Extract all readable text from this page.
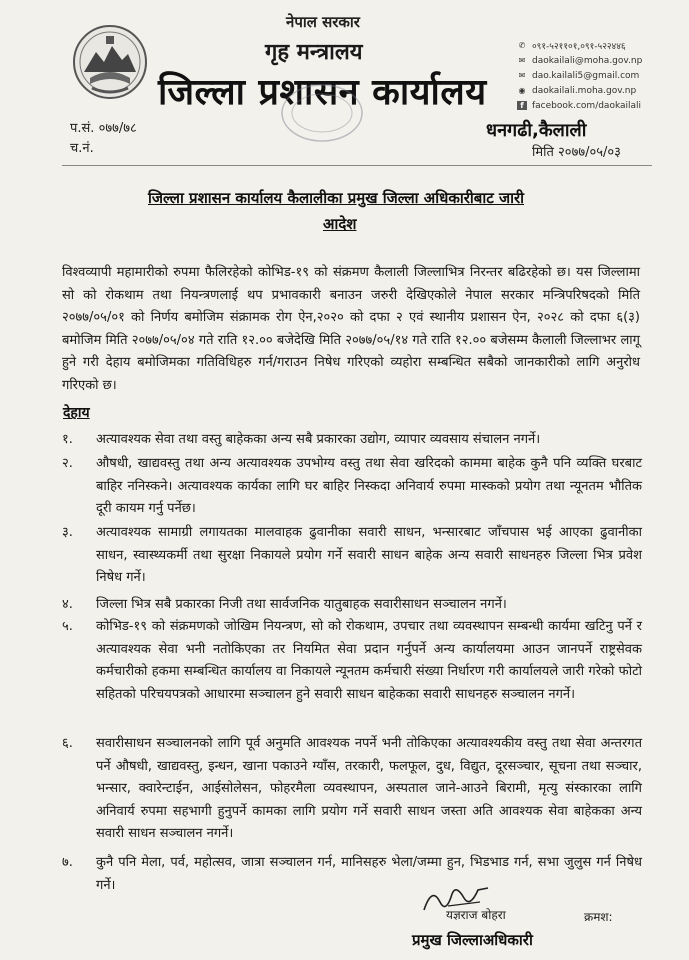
नेपाल सरकार
गृह मन्त्रालय
जिल्ला प्रशासन कार्यालय
✆ ०९१-५२११०१,०९१-५२२४४६
✉ daokailali@moha.gov.np
✉ dao.kailali5@gmail.com
◉ daokailali.moha.gov.np
f facebook.com/daokailali
प.सं. ०७७/७८
च.नं.
धनगढी,कैलाली
मिति २०७७/०५/०३
जिल्ला प्रशासन कार्यालय कैलालीका प्रमुख जिल्ला अधिकारीबाट जारी
आदेश
विश्वव्यापी महामारीको रुपमा फैलिरहेको कोभिड-१९ को संक्रमण कैलाली जिल्लाभित्र निरन्तर बढिरहेको छ। यस जिल्लामा सो को रोकथाम तथा नियन्त्रणलाई थप प्रभावकारी बनाउन जरुरी देखिएकोले नेपाल सरकार मन्त्रिपरिषदको मिति २०७७/०५/०१ को निर्णय बमोजिम संक्रामक रोग ऐन,२०२० को दफा २ एवं स्थानीय प्रशासन ऐन, २०२८ को दफा ६(३) बमोजिम मिति २०७७/०५/०४ गते राति १२.०० बजेदेखि मिति २०७७/०५/१४ गते राति १२.०० बजेसम्म कैलाली जिल्लाभर लागू हुने गरी देहाय बमोजिमका गतिविधिहरु गर्न/गराउन निषेध गरिएको व्यहोरा सम्बन्धित सबैको जानकारीको लागि अनुरोध गरिएको छ।
देहाय
१.	अत्यावश्यक सेवा तथा वस्तु बाहेकका अन्य सबै प्रकारका उद्योग, व्यापार व्यवसाय संचालन नगर्ने।
२.	औषधी, खाद्यवस्तु तथा अन्य अत्यावश्यक उपभोग्य वस्तु तथा सेवा खरिदको काममा बाहेक कुनै पनि व्यक्ति घरबाट बाहिर ननिस्कने। अत्यावश्यक कार्यका लागि घर बाहिर निस्कदा अनिवार्य रुपमा मास्कको प्रयोग तथा न्यूनतम भौतिक दूरी कायम गर्नु पर्नेछ।
३.	अत्यावश्यक सामाग्री लगायतका मालवाहक ढुवानीका सवारी साधन, भन्सारबाट जाँचपास भई आएका ढुवानीका साधन, स्वास्थ्यकर्मी तथा सुरक्षा निकायले प्रयोग गर्ने सवारी साधन बाहेक अन्य सवारी साधनहरु जिल्ला भित्र प्रवेश निषेध गर्ने।
४.	जिल्ला भित्र सबै प्रकारका निजी तथा सार्वजनिक यातुबाहक सवारीसाधन सञ्चालन नगर्ने।
५.	कोभिड-१९ को संक्रमणको जोखिम नियन्त्रण, सो को रोकथाम, उपचार तथा व्यवस्थापन सम्बन्धी कार्यमा खटिनु पर्ने र अत्यावश्यक सेवा भनी नतोकिएका तर नियमित सेवा प्रदान गर्नुपर्ने अन्य कार्यालयमा आउन जानपर्ने राष्ट्रसेवक कर्मचारीको हकमा सम्बन्धित कार्यालय वा निकायले न्यूनतम कर्मचारी संख्या निर्धारण गरी कार्यालयले जारी गरेको फोटो सहितको परिचयपत्रको आधारमा सञ्चालन हुने सवारी साधन बाहेकका सवारी साधनहरु सञ्चालन नगर्ने।
६.	सवारीसाधन सञ्चालनको लागि पूर्व अनुमति आवश्यक नपर्ने भनी तोकिएका अत्यावश्यकीय वस्तु तथा सेवा अन्तरगत पर्ने औषधी, खाद्यवस्तु, इन्धन, खाना पकाउने ग्याँस, तरकारी, फलफूल, दुध, विद्युत, दूरसञ्चार, सूचना तथा सञ्चार, भन्सार, क्वारेन्टाईन, आईसोलेसन, फोहरमैला व्यवस्थापन, अस्पताल जाने-आउने बिरामी, मृत्यु संस्कारका लागि अनिवार्य रुपमा सहभागी हुनुपर्ने कामका लागि प्रयोग गर्ने सवारी साधन जस्ता अति आवश्यक सेवा बाहेकका अन्य सवारी साधन सञ्चालन नगर्ने।
७.	कुनै पनि मेला, पर्व, महोत्सव, जात्रा सञ्चालन गर्न, मानिसहरु भेला/जम्मा हुन, भिडभाड गर्न, सभा जुलुस गर्न निषेध गर्ने।
यज्ञराज बोहरा
प्रमुख जिल्लाअधिकारी
क्रमश:
